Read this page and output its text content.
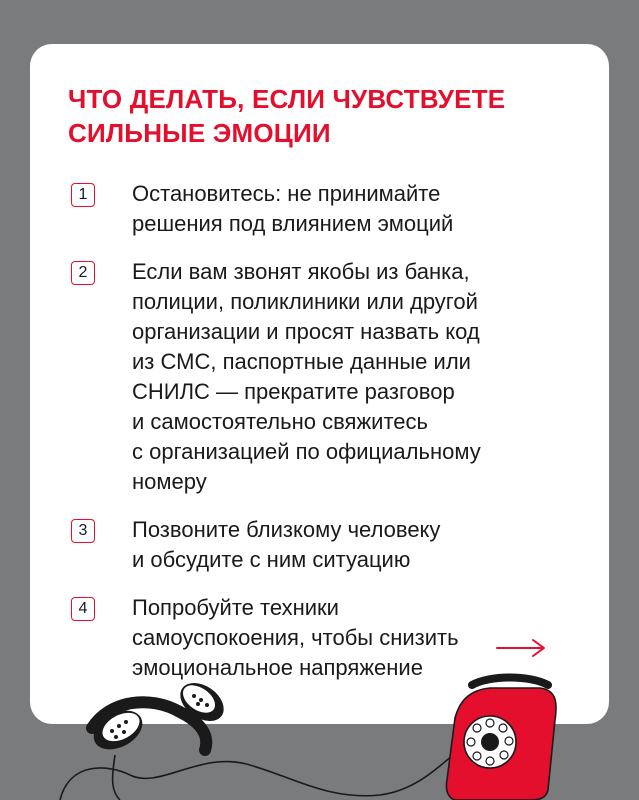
ЧТО ДЕЛАТЬ, ЕСЛИ ЧУВСТВУЕТЕ
СИЛЬНЫЕ ЭМОЦИИ
1	Остановитесь: не принимайте
решения под влиянием эмоций
2	Если вам звонят якобы из банка,
полиции, поликлиники или другой
организации и просят назвать код
из СМС, паспортные данные или
СНИЛС — прекратите разговор
и самостоятельно свяжитесь
с организацией по официальному
номеру
3	Позвоните близкому человеку
и обсудите с ним ситуацию
4	Попробуйте техники
самоуспокоения, чтобы снизить
эмоциональное напряжение
